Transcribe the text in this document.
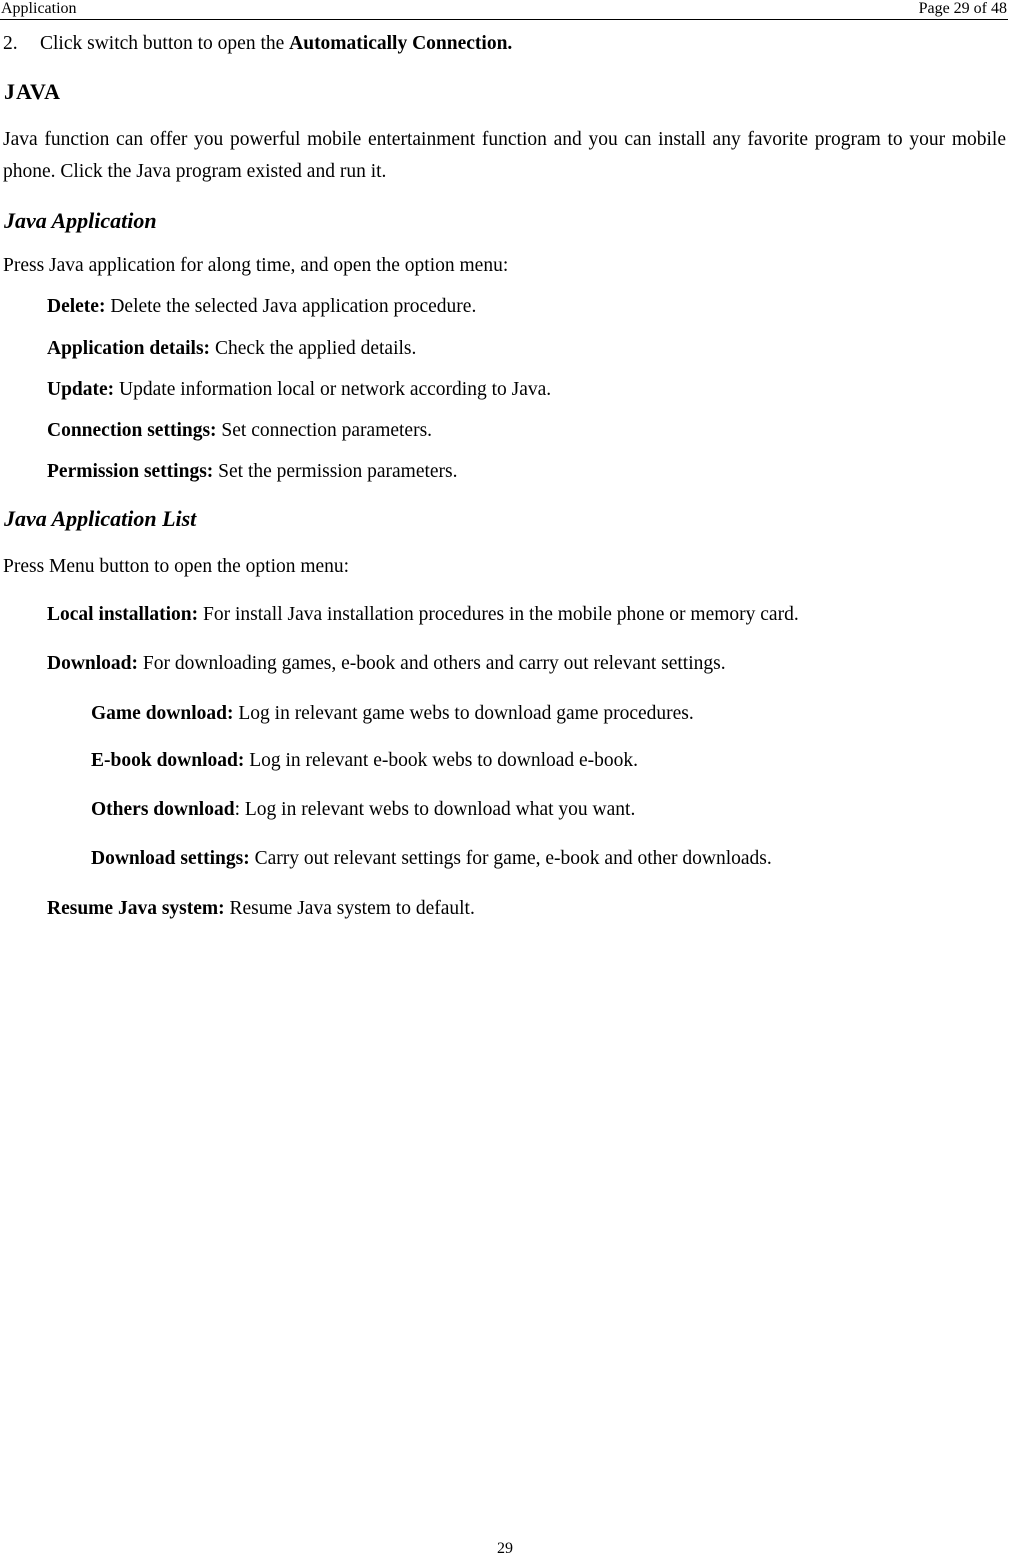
Application	Page 29 of 48
2. Click switch button to open the Automatically Connection.
JAVA
Java function can offer you powerful mobile entertainment function and you can install any favorite program to your mobile phone. Click the Java program existed and run it.
Java Application
Press Java application for along time, and open the option menu:
Delete: Delete the selected Java application procedure.
Application details: Check the applied details.
Update: Update information local or network according to Java.
Connection settings: Set connection parameters.
Permission settings: Set the permission parameters.
Java Application List
Press Menu button to open the option menu:
Local installation: For install Java installation procedures in the mobile phone or memory card.
Download: For downloading games, e-book and others and carry out relevant settings.
Game download: Log in relevant game webs to download game procedures.
E-book download: Log in relevant e-book webs to download e-book.
Others download: Log in relevant webs to download what you want.
Download settings: Carry out relevant settings for game, e-book and other downloads.
Resume Java system: Resume Java system to default.
29
